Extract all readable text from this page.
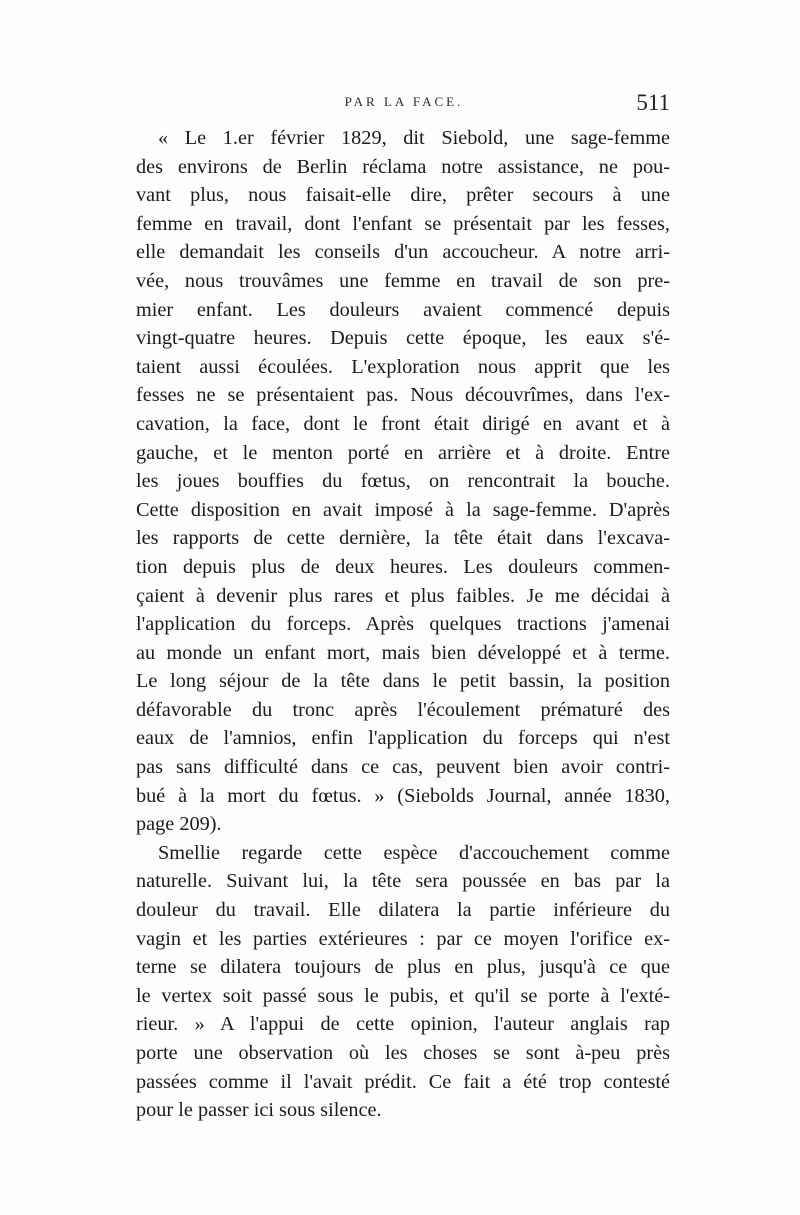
PAR LA FACE.	511
« Le 1.er février 1829, dit Siebold, une sage-femme
des environs de Berlin réclama notre assistance, ne pou-
vant plus, nous faisait-elle dire, prêter secours à une
femme en travail, dont l'enfant se présentait par les fesses,
elle demandait les conseils d'un accoucheur. A notre arri-
vée, nous trouvâmes une femme en travail de son pre-
mier enfant. Les douleurs avaient commencé depuis
vingt-quatre heures. Depuis cette époque, les eaux s'é-
taient aussi écoulées. L'exploration nous apprit que les
fesses ne se présentaient pas. Nous découvrîmes, dans l'ex-
cavation, la face, dont le front était dirigé en avant et à
gauche, et le menton porté en arrière et à droite. Entre
les joues bouffies du fœtus, on rencontrait la bouche.
Cette disposition en avait imposé à la sage-femme. D'après
les rapports de cette dernière, la tête était dans l'excava-
tion depuis plus de deux heures. Les douleurs commen-
çaient à devenir plus rares et plus faibles. Je me décidai à
l'application du forceps. Après quelques tractions j'amenai
au monde un enfant mort, mais bien développé et à terme.
Le long séjour de la tête dans le petit bassin, la position
défavorable du tronc après l'écoulement prématuré des
eaux de l'amnios, enfin l'application du forceps qui n'est
pas sans difficulté dans ce cas, peuvent bien avoir contri-
bué à la mort du fœtus. » (Siebolds Journal, année 1830,
page 209).
Smellie regarde cette espèce d'accouchement comme
naturelle. Suivant lui, la tête sera poussée en bas par la
douleur du travail. Elle dilatera la partie inférieure du
vagin et les parties extérieures : par ce moyen l'orifice ex-
terne se dilatera toujours de plus en plus, jusqu'à ce que
le vertex soit passé sous le pubis, et qu'il se porte à l'exté-
rieur. » A l'appui de cette opinion, l'auteur anglais rap
porte une observation où les choses se sont à-peu près
passées comme il l'avait prédit. Ce fait a été trop contesté
pour le passer ici sous silence.
